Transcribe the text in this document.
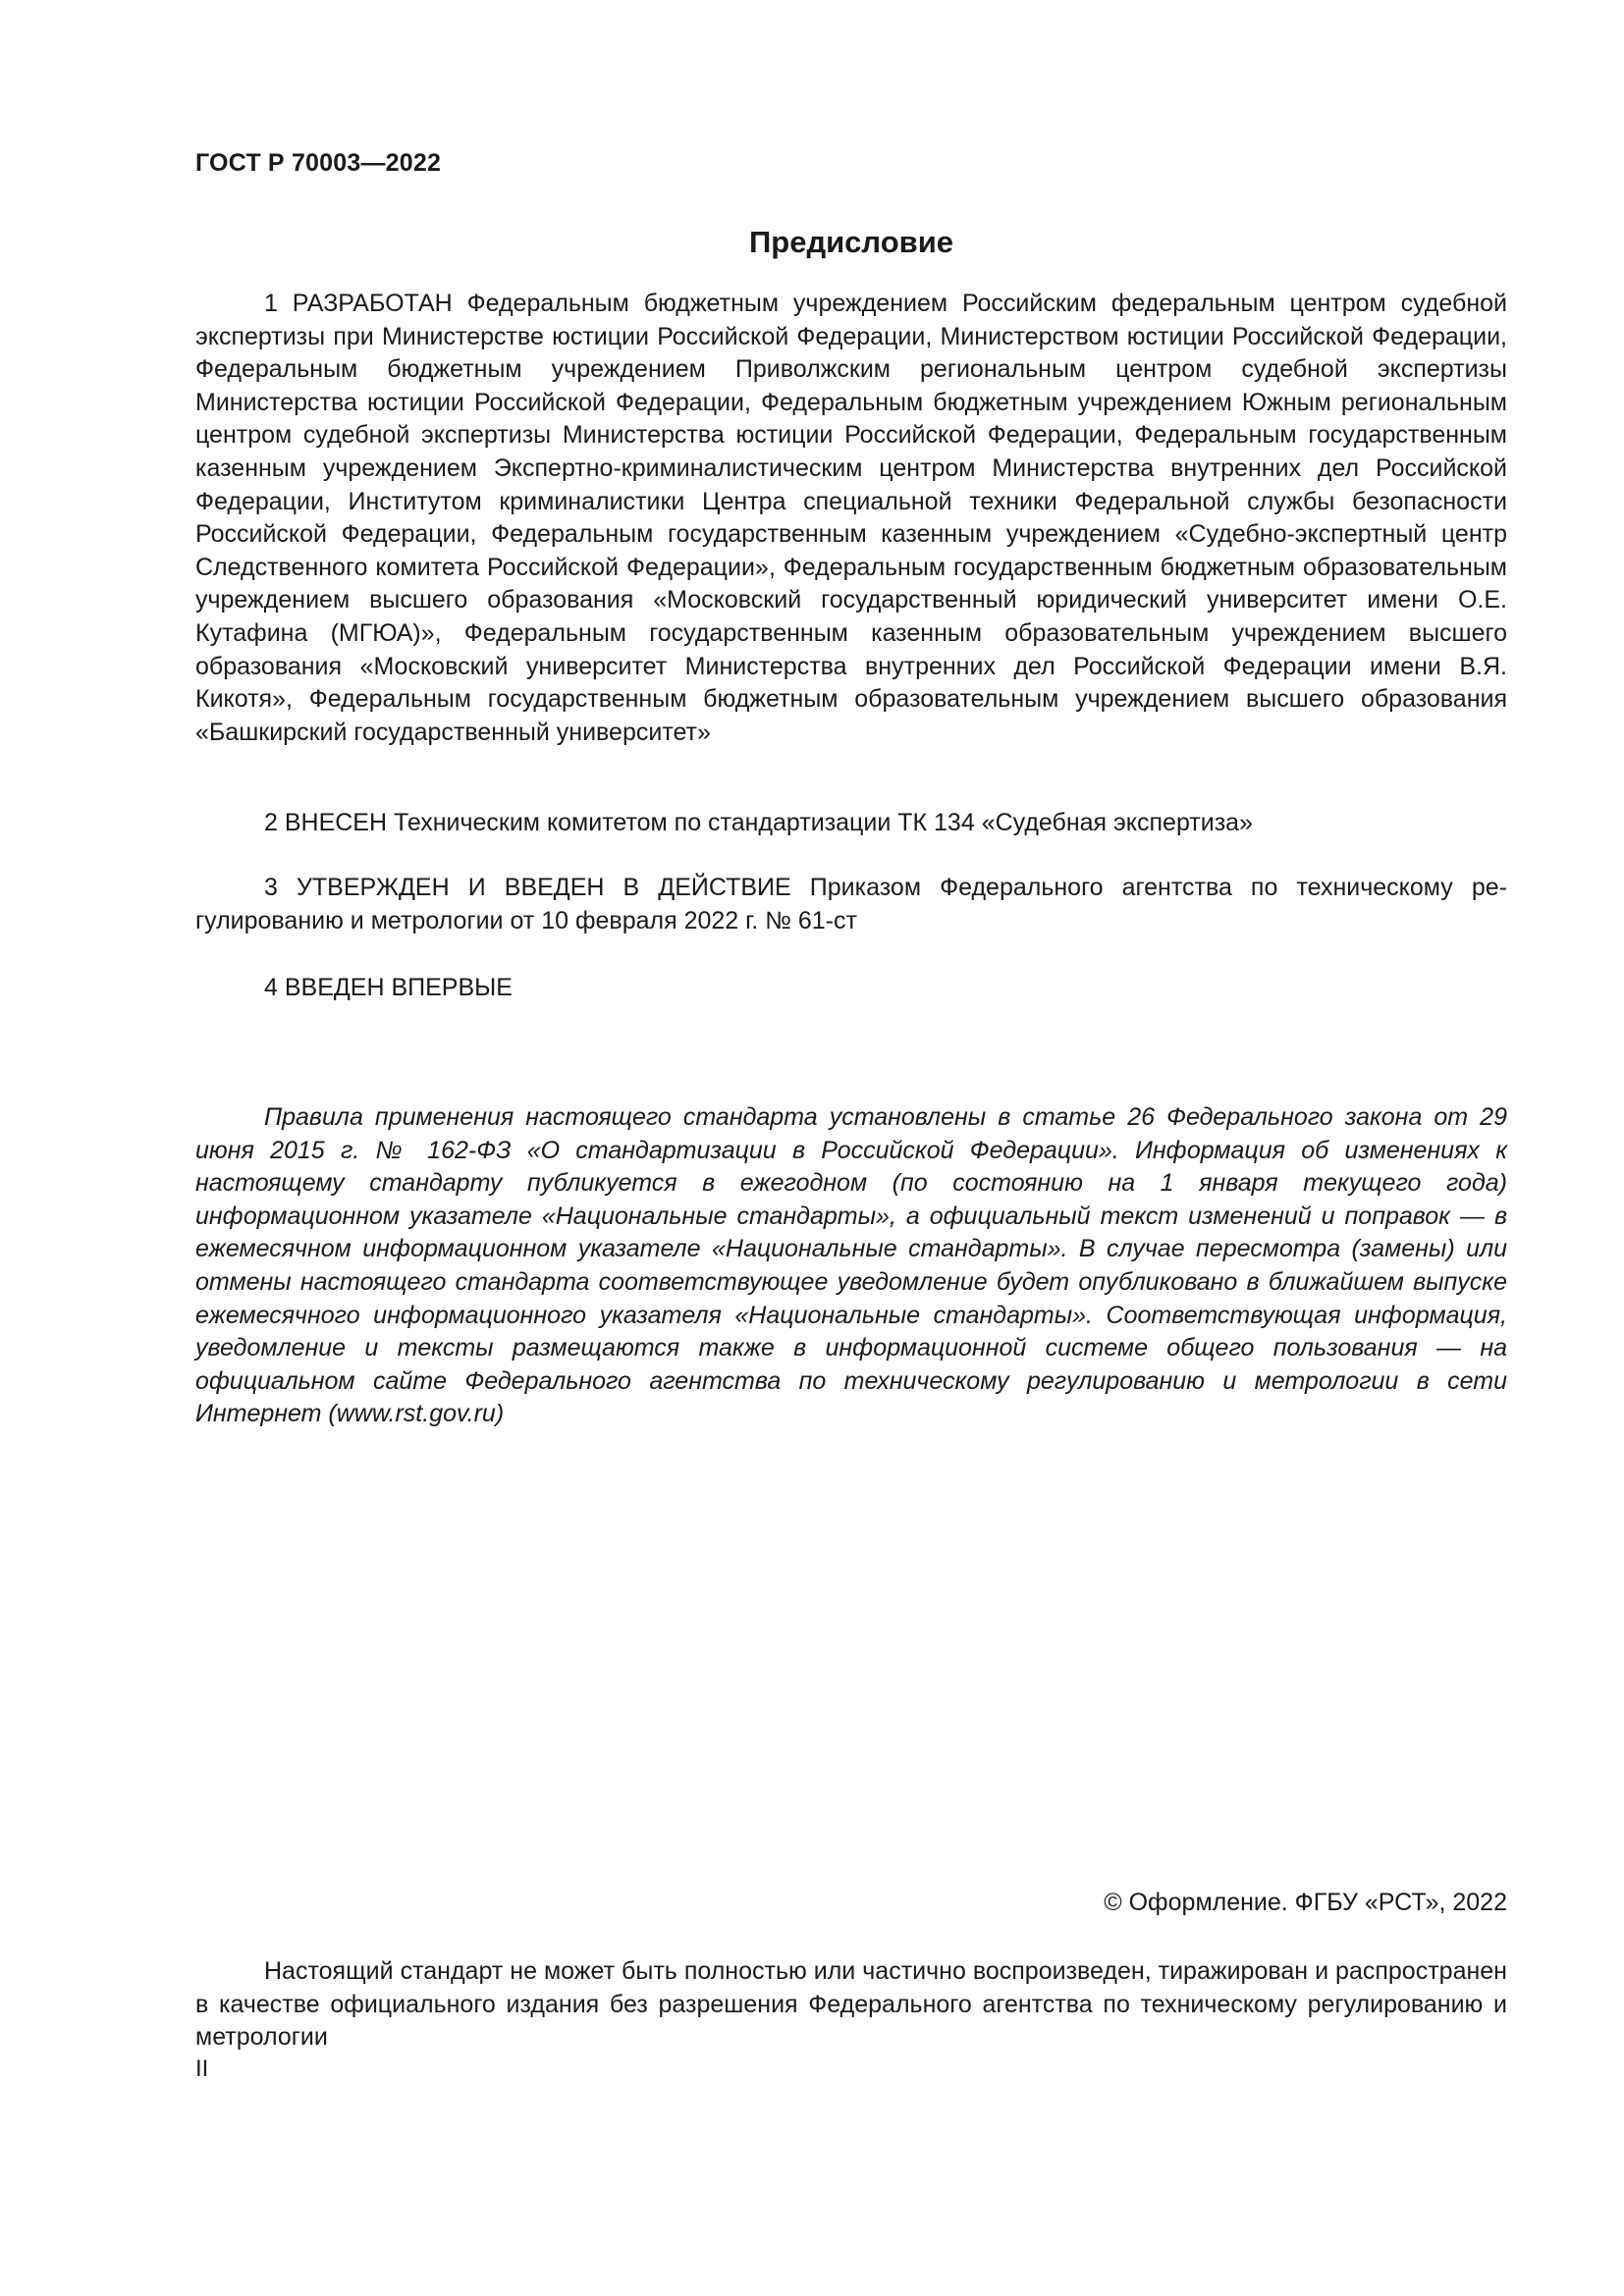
ГОСТ Р 70003—2022
Предисловие

1 РАЗРАБОТАН Федеральным бюджетным учреждением Российским федеральным центром судебной экспертизы при Министерстве юстиции Российской Федерации, Министерством юстиции Российской Федерации, Федеральным бюджетным учреждением Приволжским региональным центром судебной экспертизы Министерства юстиции Российской Федерации, Федеральным бюджетным учреждением Южным региональным центром судебной экспертизы Министерства юстиции Российской Федерации, Федеральным государственным казенным учреждением Экспертно-криминалистическим центром Министерства внутренних дел Российской Федерации, Институтом криминалистики Центра специальной техники Федеральной службы безопасности Российской Федерации, Федеральным государственным казенным учреждением «Судебно-экспертный центр Следственного комитета Российской Федерации», Федеральным государственным бюджетным образовательным учреждением высшего образования «Московский государственный юридический университет имени О.Е. Кутафина (МГЮА)», Федеральным государственным казенным образовательным учреждением высшего образования «Московский университет Министерства внутренних дел Российской Федерации имени В.Я. Кикотя», Федеральным государственным бюджетным образовательным учреждением высшего образования «Башкирский государственный университет»

2 ВНЕСЕН Техническим комитетом по стандартизации ТК 134 «Судебная экспертиза»

3 УТВЕРЖДЕН И ВВЕДЕН В ДЕЙСТВИЕ Приказом Федерального агентства по техническому регулированию и метрологии от 10 февраля 2022 г. № 61-ст

4 ВВЕДЕН ВПЕРВЫЕ

Правила применения настоящего стандарта установлены в статье 26 Федерального закона от 29 июня 2015 г. № 162-ФЗ «О стандартизации в Российской Федерации». Информация об изменениях к настоящему стандарту публикуется в ежегодном (по состоянию на 1 января текущего года) информационном указателе «Национальные стандарты», а официальный текст изменений и поправок — в ежемесячном информационном указателе «Национальные стандарты». В случае пересмотра (замены) или отмены настоящего стандарта соответствующее уведомление будет опубликовано в ближайшем выпуске ежемесячного информационного указателя «Национальные стандарты». Соответствующая информация, уведомление и тексты размещаются также в информационной системе общего пользования — на официальном сайте Федерального агентства по техническому регулированию и метрологии в сети Интернет (www.rst.gov.ru)

© Оформление. ФГБУ «РСТ», 2022

Настоящий стандарт не может быть полностью или частично воспроизведен, тиражирован и распространен в качестве официального издания без разрешения Федерального агентства по техническому регулированию и метрологии

II
